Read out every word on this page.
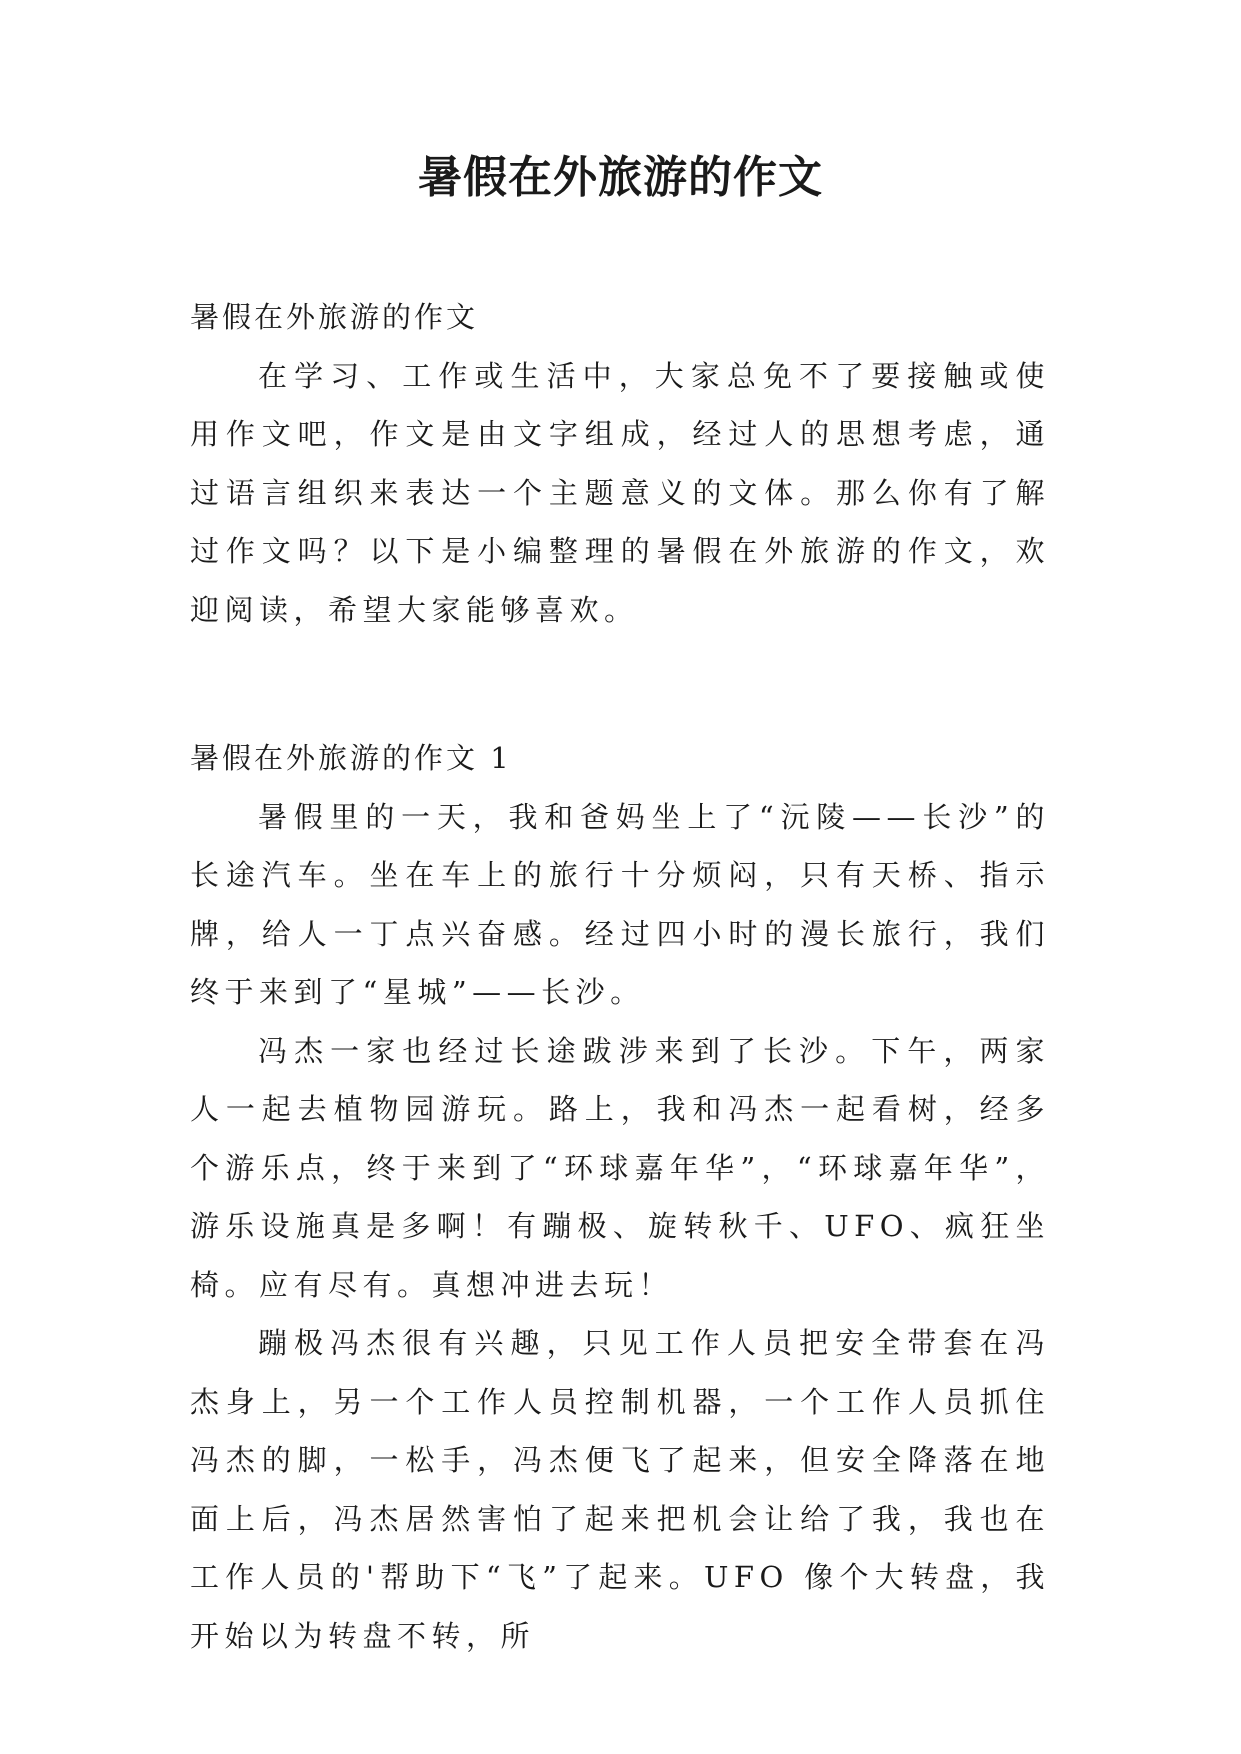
暑假在外旅游的作文

暑假在外旅游的作文

在学习、工作或生活中，大家总免不了要接触或使用作文吧，作文是由文字组成，经过人的思想考虑，通过语言组织来表达一个主题意义的文体。那么你有了解过作文吗？以下是小编整理的暑假在外旅游的作文，欢迎阅读，希望大家能够喜欢。

暑假在外旅游的作文 1

暑假里的一天，我和爸妈坐上了“沅陵——长沙”的长途汽车。坐在车上的旅行十分烦闷，只有天桥、指示牌，给人一丁点兴奋感。经过四小时的漫长旅行，我们终于来到了“星城”——长沙。

冯杰一家也经过长途跋涉来到了长沙。下午，两家人一起去植物园游玩。路上，我和冯杰一起看树，经多个游乐点，终于来到了“环球嘉年华”，“环球嘉年华”，游乐设施真是多啊！有蹦极、旋转秋千、UFO、疯狂坐椅。应有尽有。真想冲进去玩！

蹦极冯杰很有兴趣，只见工作人员把安全带套在冯杰身上，另一个工作人员控制机器，一个工作人员抓住冯杰的脚，一松手，冯杰便飞了起来，但安全降落在地面上后，冯杰居然害怕了起来把机会让给了我，我也在工作人员的'帮助下“飞”了起来。UFO 像个大转盘，我开始以为转盘不转，所
